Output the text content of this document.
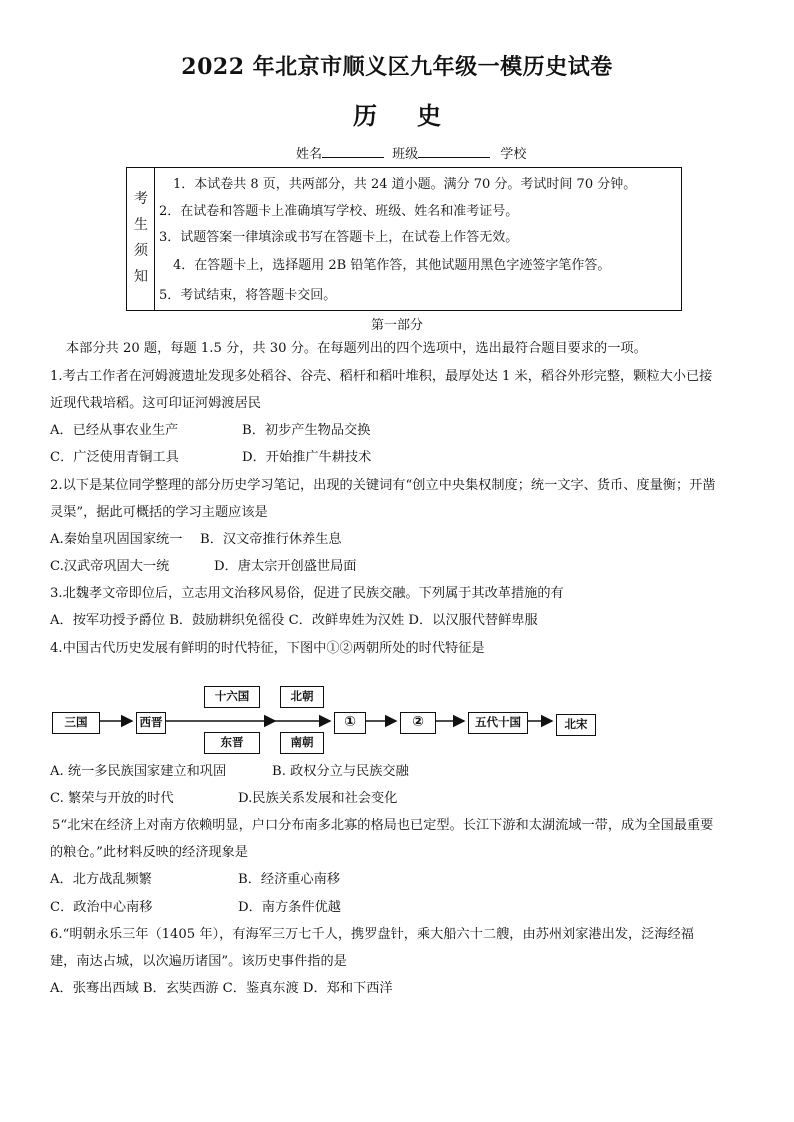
2022 年北京市顺义区九年级一模历史试卷
历史
姓名	班级	学校
考
生
须
知
1．本试卷共 8 页，共两部分，共 24 道小题。满分 70 分。考试时间 70 分钟。
2．在试卷和答题卡上准确填写学校、班级、姓名和准考证号。
3．试题答案一律填涂或书写在答题卡上，在试卷上作答无效。
4．在答题卡上，选择题用 2B 铅笔作答，其他试题用黑色字迹签字笔作答。
5．考试结束，将答题卡交回。
第一部分
本部分共 20 题，每题 1.5 分，共 30 分。在每题列出的四个选项中，选出最符合题目要求的一项。
1.考古工作者在河姆渡遗址发现多处稻谷、谷壳、稻杆和稻叶堆积，最厚处达 1 米，稻谷外形完整，颗粒大小已接
近现代栽培稻。这可印证河姆渡居民
A．已经从事农业生产	B．初步产生物品交换
C．广泛使用青铜工具	D．开始推广牛耕技术
2.以下是某位同学整理的部分历史学习笔记，出现的关键词有“创立中央集权制度；统一文字、货币、度量衡；开凿
灵渠”，据此可概括的学习主题应该是
A.秦始皇巩固国家统一 B．汉文帝推行休养生息
C.汉武帝巩固大一统	D．唐太宗开创盛世局面
3.北魏孝文帝即位后，立志用文治移风易俗，促进了民族交融。下列属于其改革措施的有
A．按军功授予爵位 B．鼓励耕织免徭役 C．改鲜卑姓为汉姓 D．以汉服代替鲜卑服
4.中国古代历史发展有鲜明的时代特征，下图中①②两朝所处的时代特征是
三国	西晋
十六国
东晋
北朝
南朝
①	②	五代十国	北宋
A. 统一多民族国家建立和巩固	B. 政权分立与民族交融
C. 繁荣与开放的时代	D.民族关系发展和社会变化
5“北宋在经济上对南方依赖明显，户口分布南多北寡的格局也已定型。长江下游和太湖流域一带，成为全国最重要
的粮仓。”此材料反映的经济现象是
A．北方战乱频繁	B．经济重心南移
C．政治中心南移	D．南方条件优越
6.“明朝永乐三年（1405 年），有海军三万七千人，携罗盘针，乘大船六十二艘，由苏州刘家港出发，泛海经福
建，南达占城，以次遍历诸国”。该历史事件指的是
A．张骞出西域 B．玄奘西游 C．鉴真东渡 D．郑和下西洋
